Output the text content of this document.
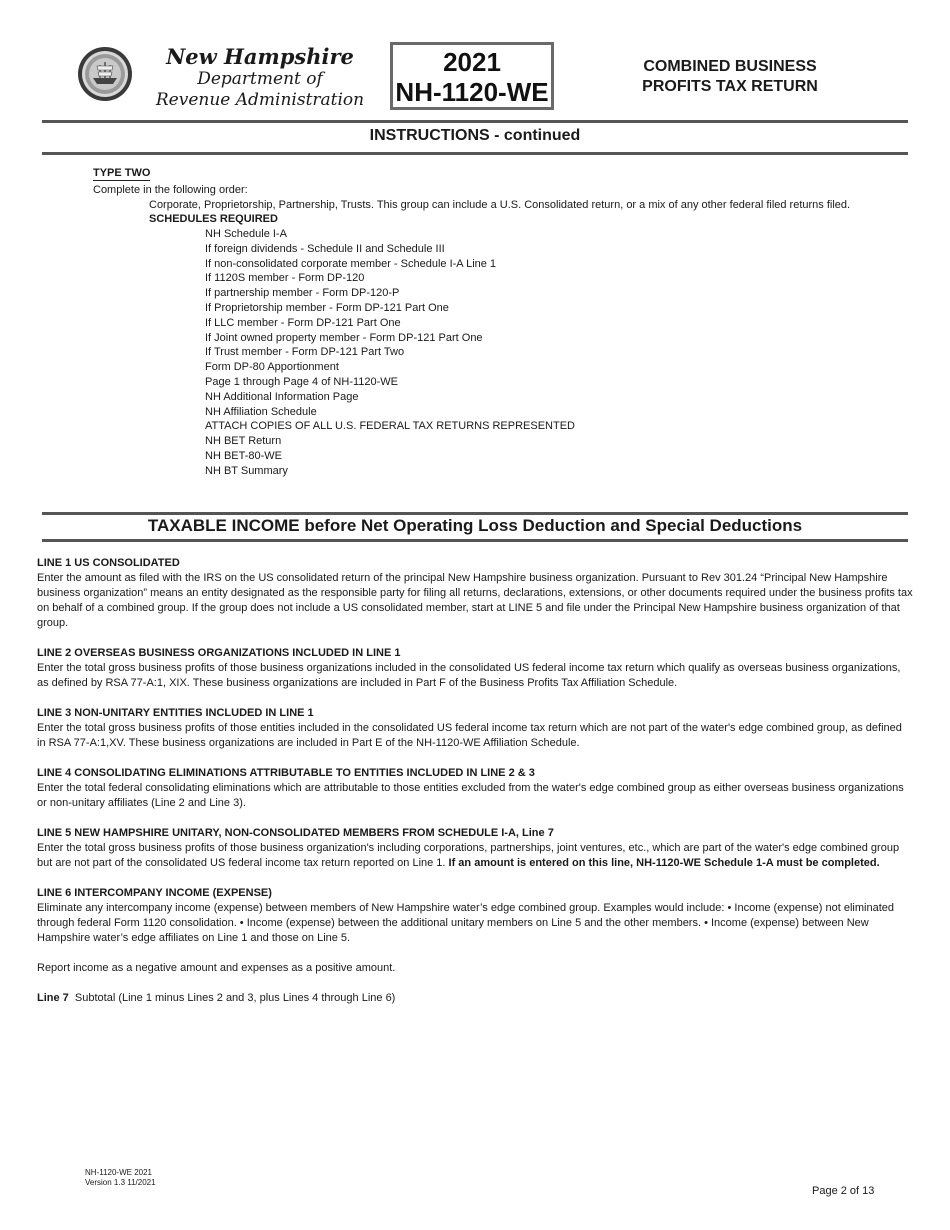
New Hampshire
Department of
Revenue Administration
2021
NH-1120-WE
COMBINED BUSINESS
PROFITS TAX RETURN
INSTRUCTIONS - continued
TYPE TWO
Complete in the following order:
Corporate, Proprietorship, Partnership, Trusts. This group can include a U.S. Consolidated return, or a mix of any other federal filed returns filed.
SCHEDULES REQUIRED
NH Schedule I-A
If foreign dividends - Schedule II and Schedule III
If non-consolidated corporate member - Schedule I-A Line 1
If 1120S member - Form DP-120
If partnership member - Form DP-120-P
If Proprietorship member - Form DP-121 Part One
If LLC member - Form DP-121 Part One
If Joint owned property member - Form DP-121 Part One
If Trust member - Form DP-121 Part Two
Form DP-80 Apportionment
Page 1 through Page 4 of NH-1120-WE
NH Additional Information Page
NH Affiliation Schedule
ATTACH COPIES OF ALL U.S. FEDERAL TAX RETURNS REPRESENTED
NH BET Return
NH BET-80-WE
NH BT Summary
TAXABLE INCOME before Net Operating Loss Deduction and Special Deductions

LINE 1 US CONSOLIDATED

Enter the amount as filed with the IRS on the US consolidated return of the principal New Hampshire business organization. Pursuant to Rev 301.24 “Principal New Hampshire business organization” means an entity designated as the responsible party for filing all returns, declarations, extensions, or other documents required under the business profits tax on behalf of a combined group. If the group does not include a US consolidated member, start at LINE 5 and file under the Principal New Hampshire business organization of that group.

LINE 2 OVERSEAS BUSINESS ORGANIZATIONS INCLUDED IN LINE 1

Enter the total gross business profits of those business organizations included in the consolidated US federal income tax return which qualify as overseas business organizations, as defined by RSA 77-A:1, XIX. These business organizations are included in Part F of the Business Profits Tax Affiliation Schedule.

LINE 3 NON-UNITARY ENTITIES INCLUDED IN LINE 1

Enter the total gross business profits of those entities included in the consolidated US federal income tax return which are not part of the water's edge combined group, as defined in RSA 77-A:1,XV. These business organizations are included in Part E of the NH-1120-WE Affiliation Schedule.

LINE 4 CONSOLIDATING ELIMINATIONS ATTRIBUTABLE TO ENTITIES INCLUDED IN LINE 2 & 3

Enter the total federal consolidating eliminations which are attributable to those entities excluded from the water's edge combined group as either overseas business organizations or non-unitary affiliates (Line 2 and Line 3).

LINE 5 NEW HAMPSHIRE UNITARY, NON-CONSOLIDATED MEMBERS FROM SCHEDULE I-A, Line 7

Enter the total gross business profits of those business organization's including corporations, partnerships, joint ventures, etc., which are part of the water's edge combined group but are not part of the consolidated US federal income tax return reported on Line 1. If an amount is entered on this line, NH-1120-WE Schedule 1-A must be completed.

LINE 6 INTERCOMPANY INCOME (EXPENSE)

Eliminate any intercompany income (expense) between members of New Hampshire water’s edge combined group. Examples would include: • Income (expense) not eliminated through federal Form 1120 consolidation. • Income (expense) between the additional unitary members on Line 5 and the other members. • Income (expense) between New Hampshire water’s edge affiliates on Line 1 and those on Line 5.

Report income as a negative amount and expenses as a positive amount.

Line 7  Subtotal (Line 1 minus Lines 2 and 3, plus Lines 4 through Line 6)

NH-1120-WE 2021
Version 1.3 11/2021
Page 2 of 13
